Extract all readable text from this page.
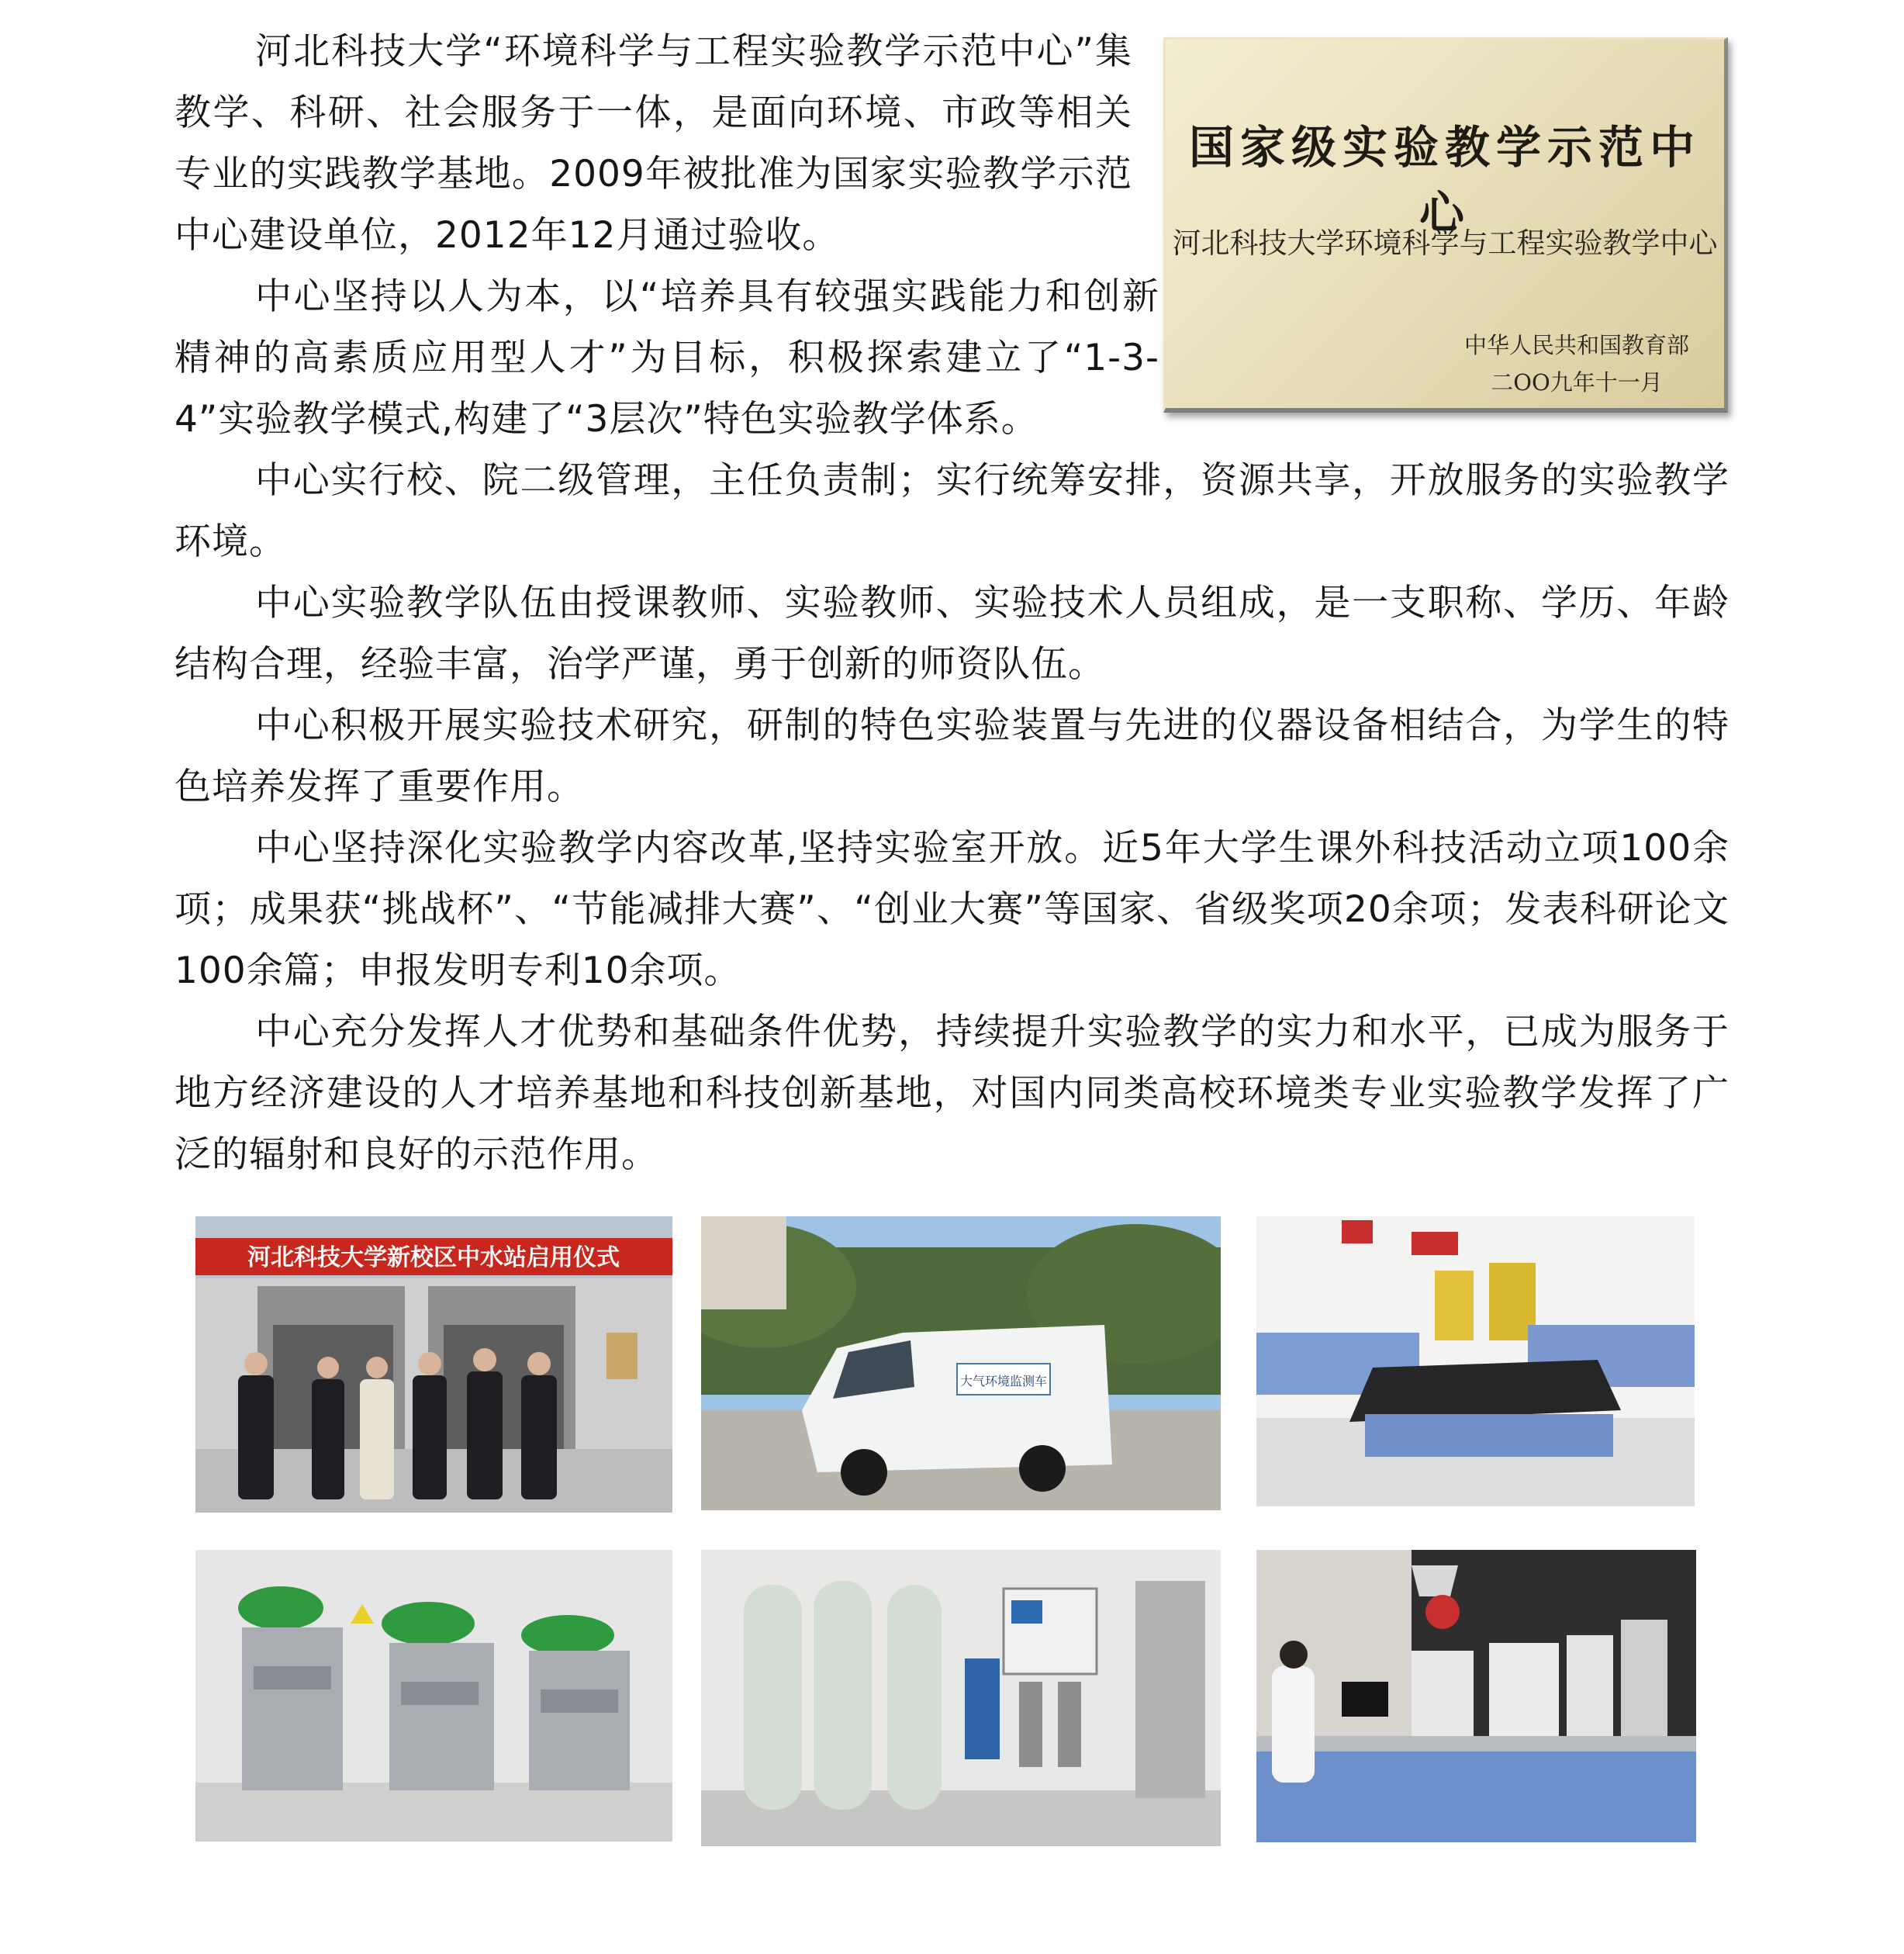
河北科技大学“环境科学与工程实验教学示范中心”集教学、科研、社会服务于一体，是面向环境、市政等相关专业的实践教学基地。2009年被批准为国家实验教学示范中心建设单位，2012年12月通过验收。

中心坚持以人为本，以“培养具有较强实践能力和创新精神的高素质应用型人才”为目标，积极探索建立了“1-3-4”实验教学模式,构建了“3层次”特色实验教学体系。

中心实行校、院二级管理，主任负责制；实行统筹安排，资源共享，开放服务的实验教学环境。

中心实验教学队伍由授课教师、实验教师、实验技术人员组成，是一支职称、学历、年龄结构合理，经验丰富，治学严谨，勇于创新的师资队伍。

中心积极开展实验技术研究，研制的特色实验装置与先进的仪器设备相结合，为学生的特色培养发挥了重要作用。

中心坚持深化实验教学内容改革,坚持实验室开放。近5年大学生课外科技活动立项100余项；成果获“挑战杯”、“节能减排大赛”、“创业大赛”等国家、省级奖项20余项；发表科研论文100余篇；申报发明专利10余项。

中心充分发挥人才优势和基础条件优势，持续提升实验教学的实力和水平，已成为服务于地方经济建设的人才培养基地和科技创新基地，对国内同类高校环境类专业实验教学发挥了广泛的辐射和良好的示范作用。

国家级实验教学示范中心
河北科技大学环境科学与工程实验教学中心
中华人民共和国教育部
二OO九年十一月
河北科技大学新校区中水站启用仪式
大气环境监测车
